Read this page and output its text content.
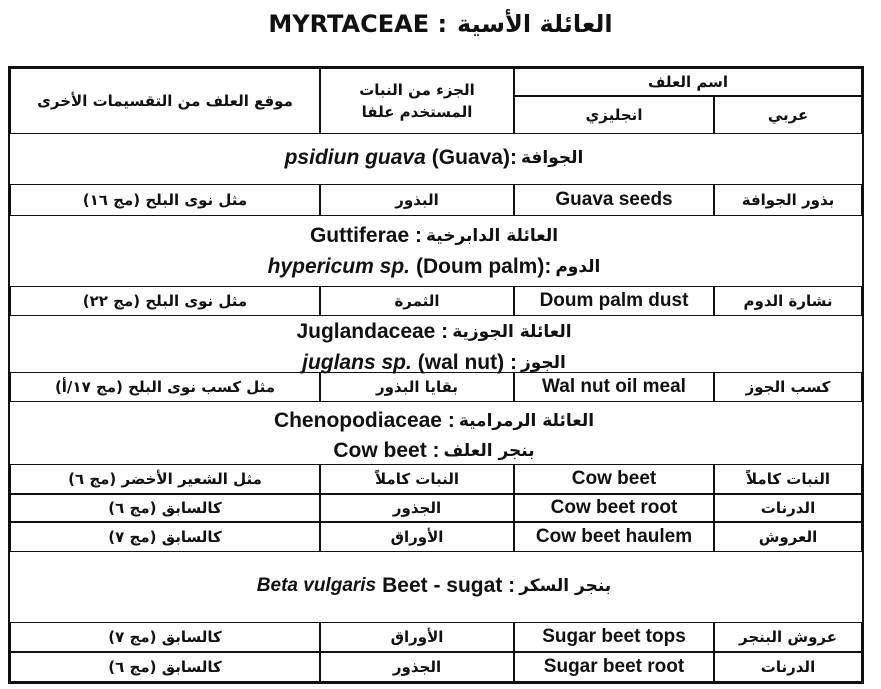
MYRTACEAE : العائلة الأسية
موقع العلف من التقسيمات الأخرى
الجزء من النبات
المستخدم علفا
اسم العلف
انجليزي	عربي
psidiun guava (Guava): الجوافة
مثل نوى البلح (مج ١٦)	البذور	Guava seeds	بذور الجوافة
Guttiferae : العائلة الدابرخية
hypericum sp. (Doum palm): الدوم
مثل نوى البلح (مج ٢٢)	الثمرة	Doum palm dust	نشارة الدوم
Juglandaceae : العائلة الجوزية
juglans sp. (wal nut) : الجوز
مثل كسب نوى البلح (مج ١٧/أ)	بقايا البذور	Wal nut oil meal	كسب الجوز
Chenopodiaceae : العائلة الرمرامية
Cow beet : بنجر العلف
مثل الشعير الأخضر (مج ٦)	النبات كاملاً	Cow beet	النبات كاملاً
كالسابق (مج ٦)	الجذور	Cow beet root	الدرنات
كالسابق (مج ٧)	الأوراق	Cow beet haulem	العروش
Beta vulgaris Beet - sugat : بنجر السكر
كالسابق (مج ٧)	الأوراق	Sugar beet tops	عروش البنجر
كالسابق (مج ٦)	الجذور	Sugar beet root	الدرنات
